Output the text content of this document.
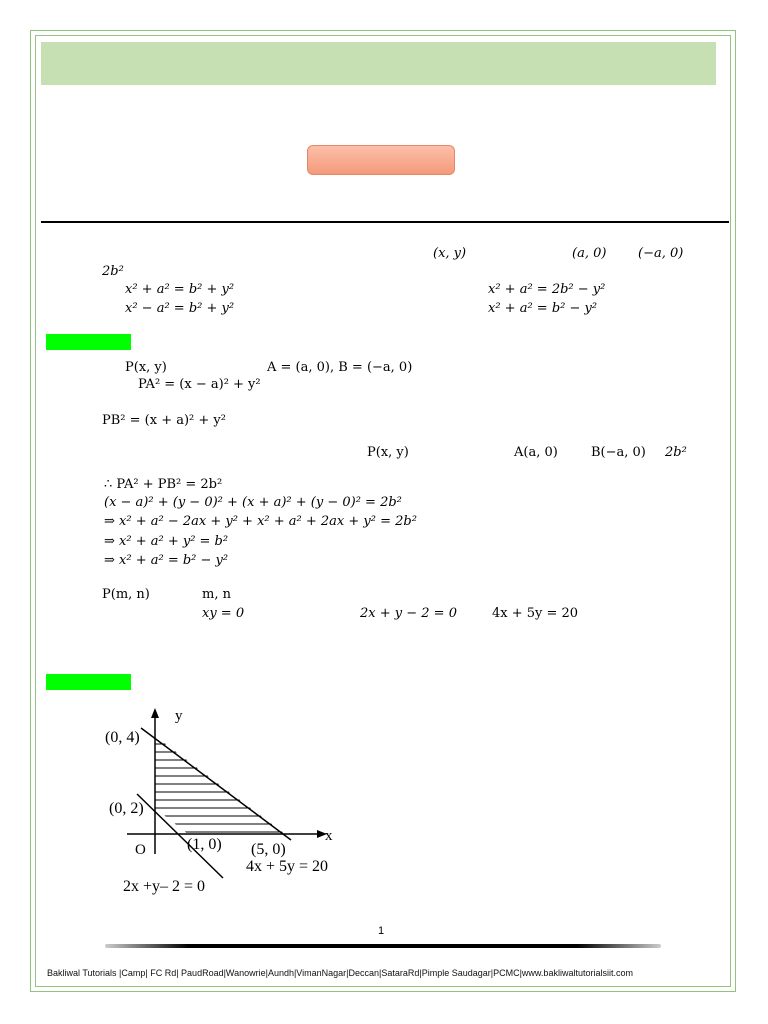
(x, y)	(a, 0) (−a, 0)
2b²
x² + a² = b² + y²	x² + a² = 2b² − y²
x² − a² = b² + y²	x² + a² = b² − y²
P(x, y)	A = (a, 0), B = (−a, 0)
PA² = (x − a)² + y²
PB² = (x + a)² + y²
P(x, y)	A(a, 0)	B(−a, 0) 2b²
∴ PA² + PB² = 2b²
(x − a)² + (y − 0)² + (x + a)² + (y − 0)² = 2b²
⇒ x² + a² − 2ax + y² + x² + a² + 2ax + y² = 2b²
⇒ x² + a² + y² = b²
⇒ x² + a² = b² − y²
P(m, n)	m, n
xy = 0	2x + y − 2 = 0	4x + 5y = 20
y
x
O
(0, 4)
(0, 2)
(1, 0) (5, 0)
4x + 5y = 20
2x +y– 2 = 0
1
Bakliwal Tutorials |Camp| FC Rd| PaudRoad|Wanowrie|Aundh|VimanNagar|Deccan|SataraRd|Pimple Saudagar|PCMC|www.bakliwaltutorialsiit.com
